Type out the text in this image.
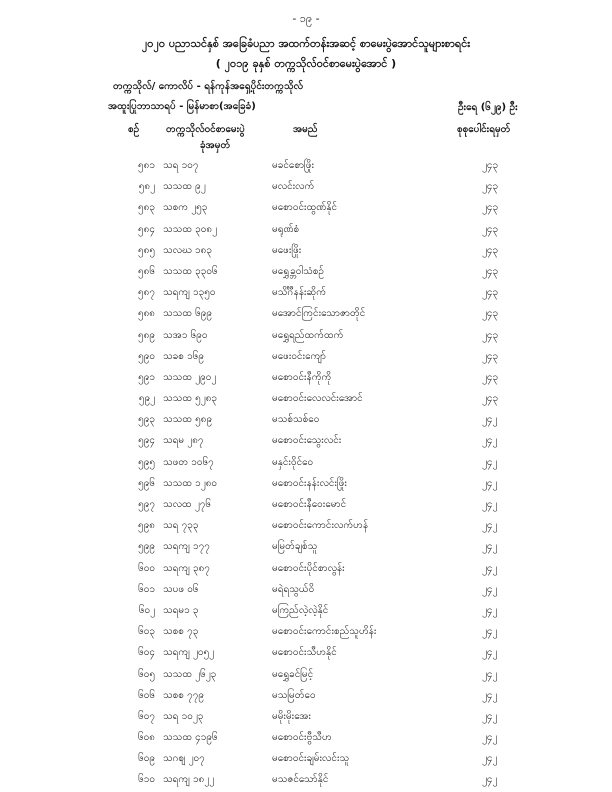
- ၁၉ -
၂၀၂၀ ပညာသင်နှစ် အခြေခံပညာ အထက်တန်းအဆင့် စာမေးပွဲအောင်သူများစာရင်း
( ၂၀၁၉ ခုနှစ် တက္ကသိုလ်ဝင်စာမေးပွဲအောင် )
တက္ကသိုလ်/ ကောလိပ် - ရန်ကုန်အရှေ့ပိုင်းတက္ကသိုလ်
အထူးပြုဘာသာရပ် - မြန်မာစာ(အခြေခံ)	ဦးရေ (၆၂၉) ဦး
စဉ်	တက္ကသိုလ်ဝင်စာမေးပွဲ
ခုံအမှတ်
အမည်	စုစုပေါင်းရမှတ်
၅၈၁ သရ ၁၀၇	မခင်စောဖြိုး	၂၄၃
၅၈၂ သသထ ၉၂	မလင်းလက်	၂၄၃
၅၈၃ သစက ၂၅၃	မစောဝင်းထွဏ်နိုင်	၂၄၃
၅၈၄ သသထ ၃၀၈၂	မရုဏ်စံ	၂၄၃
၅၈၅ သလဃ ၁၈၃	မဖေးဖြိုး	၂၄၃
၅၈၆ သသထ ၃၃၀၆	မရွှေခ္ဘဝါသံစဉ်	၂၄၃
၅၈၇ သရကျ ၁၃၅၀	မသိင်္ဂီနန်းဆိုက်	၂၄၃
၅၈၈ သသထ ၆၉၉	မအောင်ကြင်းသောဇာတိုင်	၂၄၃
၅၈၉ သအ၁ ၆၉၀	မရွှေရည်ထက်ထက်	၂၄၃
၅၉၀ သခစ ၁၆၉	မဖေးဝင်းကျော်	၂၄၃
၅၉၁ သသထ ၂၉၀၂	မစောဝင်းနီကိုကို	၂၄၃
၅၉၂ သသထ ၅၂၈၃	မစောဝင်းလေလင်းအောင်	၂၄၃
၅၉၃ သသထ ၅၈၉	မသစ်သစ်ဝေ	၂၄၂
၅၉၄ သရမ ၂၈၇	မစောဝင်းသွေးလင်း	၂၄၂
၅၉၅ သဖတ ၁၀၆၇	မနှင်းဝိုင်ဝေ	၂၄၂
၅၉၆ သသထ ၁၂၈၀	မစောဝင်းနန်းလင်းဖြိုး	၂၄၂
၅၉၇ သလထ ၂၇၆	မစောဝင်းနီဝေးမောင်	၂၄၂
၅၉၈ သရ ၇၃၃	မစောဝင်းကောင်းလက်ဟန်	၂၄၂
၅၉၉ သရကျ ၁၇၇	မမြတ်ချစ်သူ	၂၄၂
၆၀၀ သရကျ ၃၈၇	မစောဝင်းပိုင်စာလွန်း	၂၄၂
၆၀၁ သပဖ ၀၆	မရဲရသွယ်ဝိ	၂၄၂
၆၀၂ သရမ၁ ၃	မကြည်လဲ့လဲ့နိုင်	၂၄၂
၆၀၃ သစစ ၇၃	မစောဝင်းကောင်းစည်သူဟိန်း	၂၄၂
၆၀၄ သရကျ ၂၀၅၂	မစောဝင်းသီဟနိုင်	၂၄၂
၆၀၅ သသထ ၂၆၂၃	မရွှေခင်မြင့်	၂၄၂
၆၀၆ သစစ ၇၇၉	မသမြတ်ဝေ	၂၄၂
၆၀၇ သရ ၁၀၂၃	မမိုးမိုးအေး	၂၄၂
၆၀၈ သသထ ၄၁၉၆	မစောဝင်းဗွီသီဟ	၂၄၂
၆၀၉ သဂဈ ၂၀၇	မစောဝင်းချမ်းလင်းသူ	၂၄၂
၆၁၀ သရကျ ၁၈၂၂	မသဇင်သော်နိုင်	၂၄၂
